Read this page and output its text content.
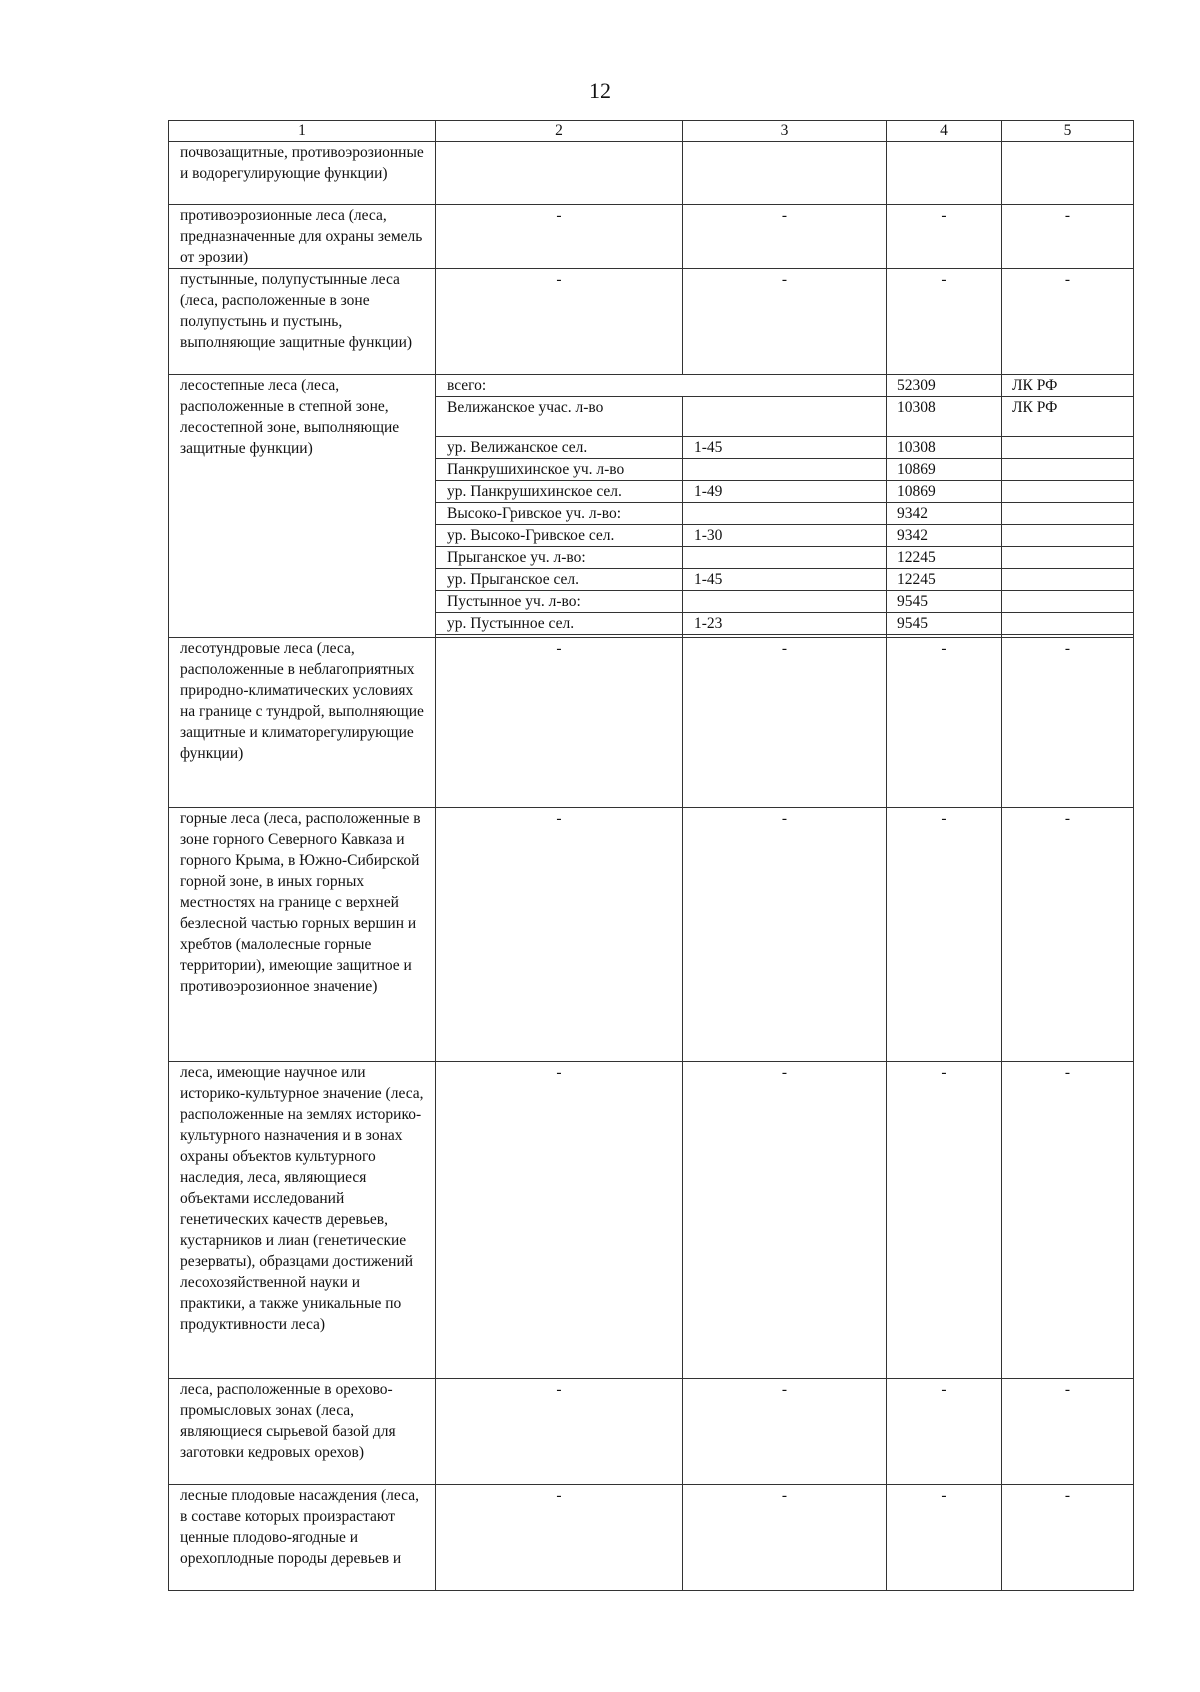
12
1	2	3	4	5
почвозащитные, противоэрозионные и водорегулирующие функции)				
противоэрозионные леса (леса, предназначенные для охраны земель от эрозии)	-	-	-	-
пустынные, полупустынные леса (леса, расположенные в зоне полупустынь и пустынь, выполняющие защитные функции)	-	-	-	-
лесостепные леса (леса, расположенные в степной зоне, лесостепной зоне, выполняющие защитные функции)	всего:		52309	ЛК РФ
	Велижанское учас. л-во		10308	ЛК РФ
	ур. Велижанское сел.	1-45	10308	
	Панкрушихинское уч. л-во		10869	
	ур. Панкрушихинское сел.	1-49	10869	
	Высоко-Гривское уч. л-во:		9342	
	ур. Высоко-Гривское сел.	1-30	9342	
	Прыганское уч. л-во:		12245	
	ур. Прыганское сел.	1-45	12245	
	Пустынное уч. л-во:		9545	
	ур. Пустынное сел.	1-23	9545	

лесотундровые леса (леса, расположенные в неблагоприятных природно-климатических условиях на границе с тундрой, выполняющие защитные и климаторегулирующие функции)	-	-	-	-
горные леса (леса, расположенные в зоне горного Северного Кавказа и горного Крыма, в Южно-Сибирской горной зоне, в иных горных местностях на границе с верхней безлесной частью горных вершин и хребтов (малолесные горные территории), имеющие защитное и противоэрозионное значение)	-	-	-	-
леса, имеющие научное или историко-культурное значение (леса, расположенные на землях историко-культурного назначения и в зонах охраны объектов культурного наследия, леса, являющиеся объектами исследований генетических качеств деревьев, кустарников и лиан (генетические резерваты), образцами достижений лесохозяйственной науки и практики, а также уникальные по продуктивности леса)	-	-	-	-
леса, расположенные в орехово-промысловых зонах (леса, являющиеся сырьевой базой для заготовки кедровых орехов)	-	-	-	-
лесные плодовые насаждения (леса, в составе которых произрастают ценные плодово-ягодные и орехоплодные породы деревьев и	-	-	-	-
